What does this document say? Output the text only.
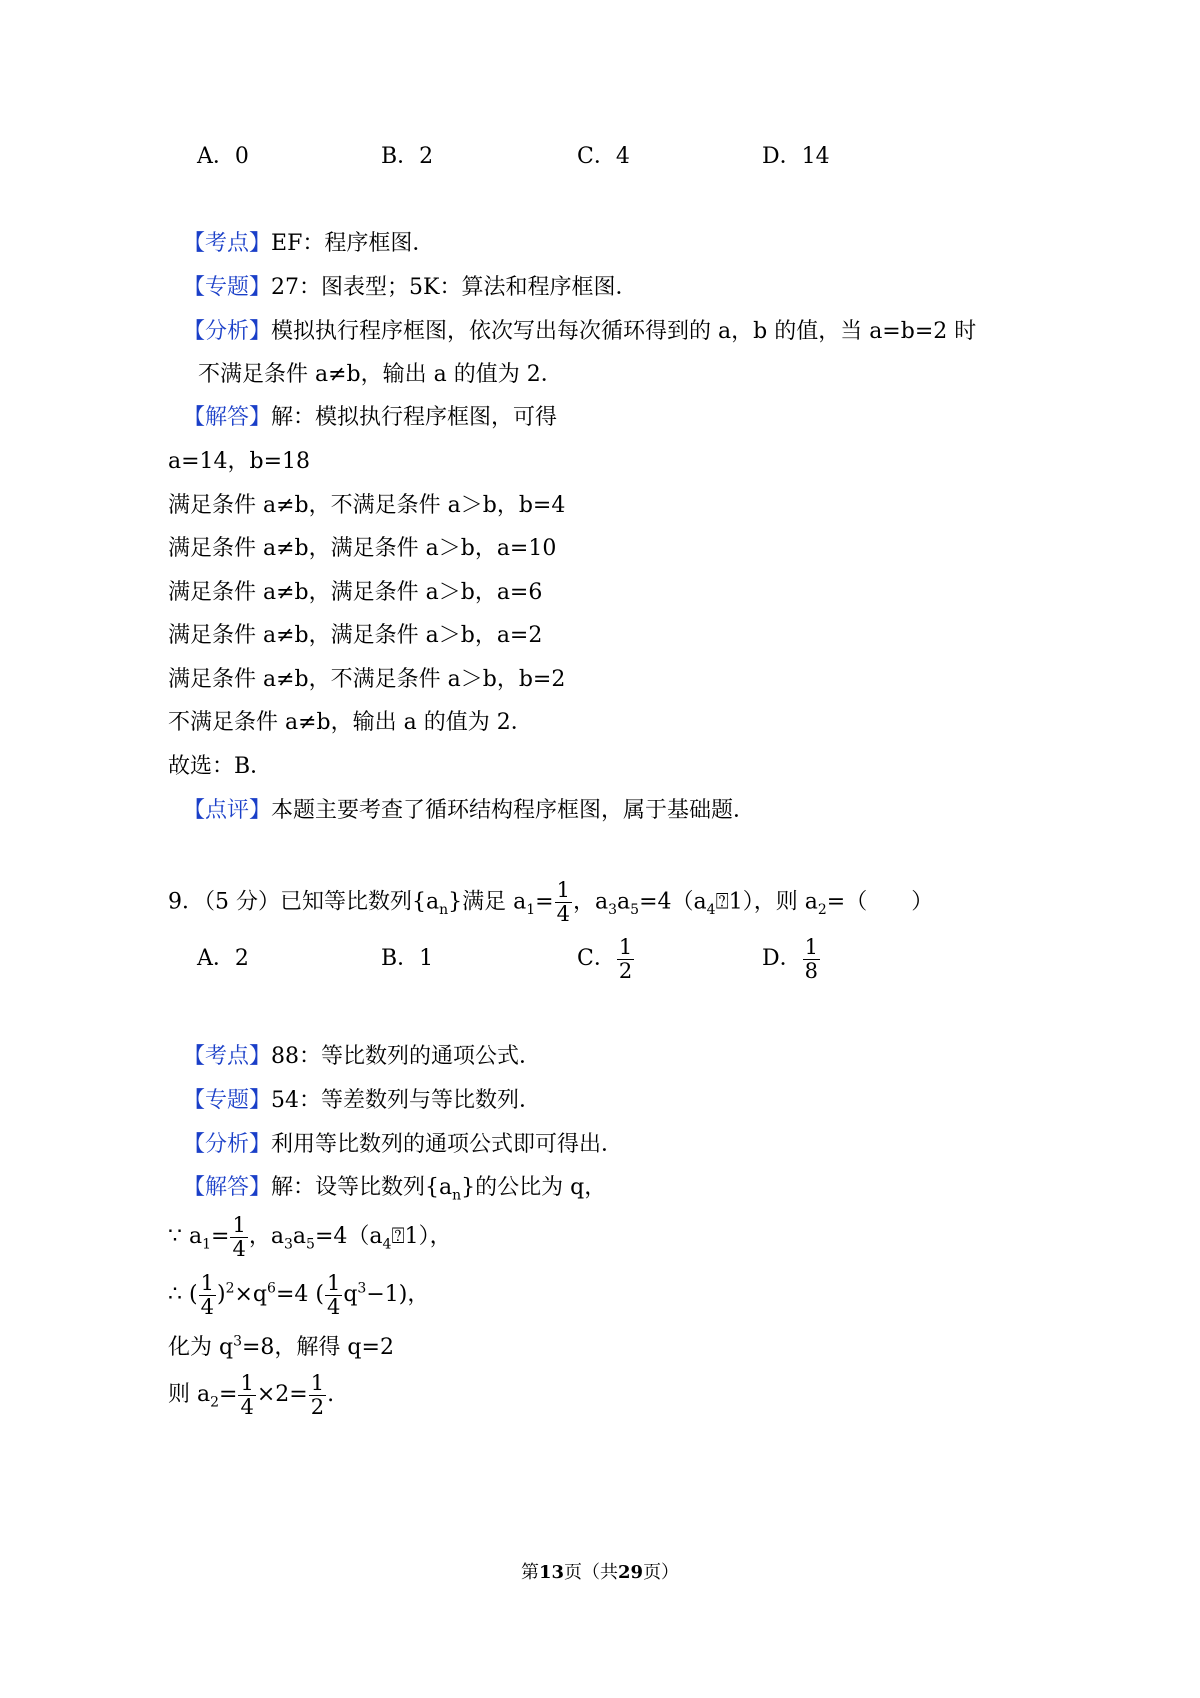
A．0	B．2	C．4	D．14
【考点】EF：程序框图．
【专题】27：图表型；5K：算法和程序框图．
【分析】模拟执行程序框图，依次写出每次循环得到的 a，b 的值，当 a=b=2 时
不满足条件 a≠b，输出 a 的值为 2．
【解答】解：模拟执行程序框图，可得
a=14，b=18
满足条件 a≠b，不满足条件 a＞b，b=4
满足条件 a≠b，满足条件 a＞b，a=10
满足条件 a≠b，满足条件 a＞b，a=6
满足条件 a≠b，满足条件 a＞b，a=2
满足条件 a≠b，不满足条件 a＞b，b=2
不满足条件 a≠b，输出 a 的值为 2．
故选：B．
【点评】本题主要考查了循环结构程序框图，属于基础题．
9．（5 分）已知等比数列$\{a_n\}$满足 $a_1= \frac{1}{4}$ ，$a_3a_5=4(a_4⍰1)$，则 $a_2=$（　　）
A．2	B．1	C． $\frac{1}{2}$	D． $\frac{1}{8}$
【考点】88：等比数列的通项公式．
【专题】54：等差数列与等比数列．
【分析】利用等比数列的通项公式即可得出．
【解答】解：设等比数列$\{a_n\}$的公比为 q，
∵ $a_1= \frac{1}{4}$ ，$a_3a_5=4(a_4⍰1)$，
∴ ( $\frac{1}{4} )^2\times q^6=4$ ( $\frac{1}{4} q^3-1$)，
化为 $q^3=8$，解得 q=2
则 $a_2= \frac{1}{4} \times 2= \frac{1}{2}$ .
第13页（共29页）
